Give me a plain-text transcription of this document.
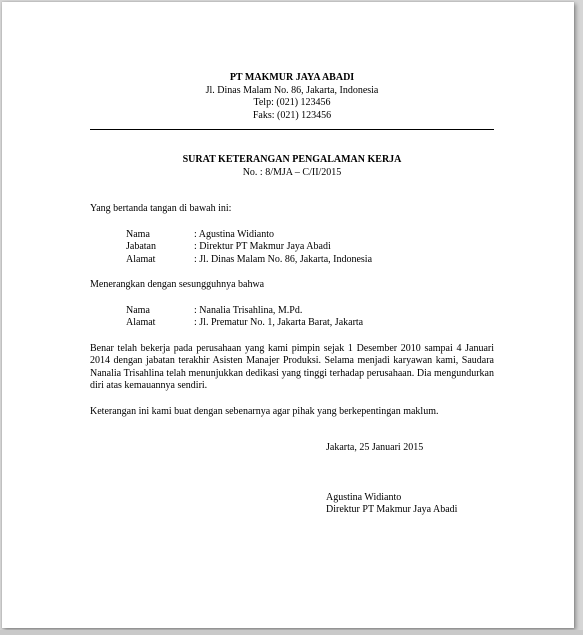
PT MAKMUR JAYA ABADI
Jl. Dinas Malam No. 86, Jakarta, Indonesia
Telp: (021) 123456
Faks: (021) 123456
SURAT KETERANGAN PENGALAMAN KERJA
No. : 8/MJA – C/II/2015
Yang bertanda tangan di bawah ini:
Nama	: Agustina Widianto
Jabatan	: Direktur PT Makmur Jaya Abadi
Alamat	: Jl. Dinas Malam No. 86, Jakarta, Indonesia
Menerangkan dengan sesungguhnya bahwa
Nama	: Nanalia Trisahlina, M.Pd.
Alamat	: Jl. Prematur No. 1, Jakarta Barat, Jakarta
Benar telah bekerja pada perusahaan yang kami pimpin sejak 1 Desember 2010 sampai 4 Januari 2014 dengan jabatan terakhir Asisten Manajer Produksi. Selama menjadi karyawan kami, Saudara Nanalia Trisahlina telah menunjukkan dedikasi yang tinggi terhadap perusahaan. Dia mengundurkan diri atas kemauannya sendiri.
Keterangan ini kami buat dengan sebenarnya agar pihak yang berkepentingan maklum.
Jakarta, 25 Januari 2015
Agustina Widianto
Direktur PT Makmur Jaya Abadi
